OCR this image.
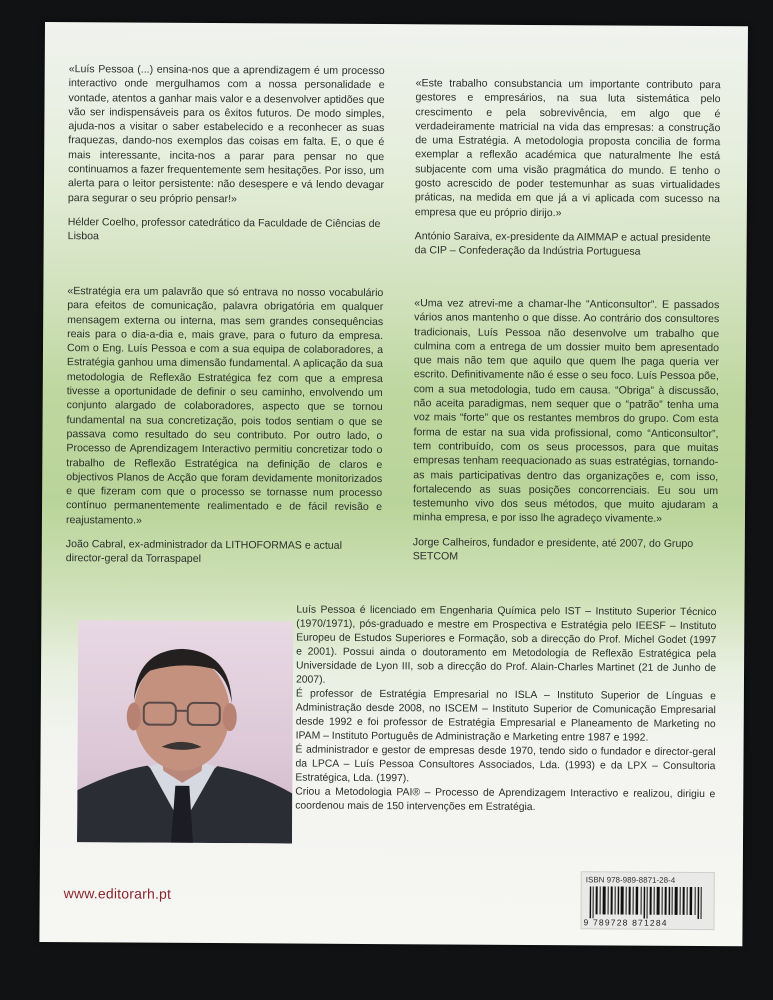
«Luís Pessoa (...) ensina-nos que a aprendizagem é um processo interactivo onde mergulhamos com a nossa personalidade e vontade, atentos a ganhar mais valor e a desenvolver aptidões que vão ser indispensáveis para os êxitos futuros. De modo simples, ajuda-nos a visitar o saber estabelecido e a reconhecer as suas fraquezas, dando-nos exemplos das coisas em falta. E, o que é mais interessante, incita-nos a parar para pensar no que continuamos a fazer frequentemente sem hesitações. Por isso, um alerta para o leitor persistente: não desespere e vá lendo devagar para segurar o seu próprio pensar!»
Hélder Coelho, professor catedrático da Faculdade de Ciências de Lisboa
«Este trabalho consubstancia um importante contributo para gestores e empresários, na sua luta sistemática pelo crescimento e pela sobrevivência, em algo que é verdadeiramente matricial na vida das empresas: a construção de uma Estratégia. A metodologia proposta concilia de forma exemplar a reflexão académica que naturalmente lhe está subjacente com uma visão pragmática do mundo. E tenho o gosto acrescido de poder testemunhar as suas virtualidades práticas, na medida em que já a vi aplicada com sucesso na empresa que eu próprio dirijo.»
António Saraiva, ex-presidente da AIMMAP e actual presidente da CIP – Confederação da Indústria Portuguesa
«Estratégia era um palavrão que só entrava no nosso vocabulário para efeitos de comunicação, palavra obrigatória em qualquer mensagem externa ou interna, mas sem grandes consequências reais para o dia-a-dia e, mais grave, para o futuro da empresa. Com o Eng. Luís Pessoa e com a sua equipa de colaboradores, a Estratégia ganhou uma dimensão fundamental. A aplicação da sua metodologia de Reflexão Estratégica fez com que a empresa tivesse a oportunidade de definir o seu caminho, envolvendo um conjunto alargado de colaboradores, aspecto que se tornou fundamental na sua concretização, pois todos sentiam o que se passava como resultado do seu contributo. Por outro lado, o Processo de Aprendizagem Interactivo permitiu concretizar todo o trabalho de Reflexão Estratégica na definição de claros e objectivos Planos de Acção que foram devidamente monitorizados e que fizeram com que o processo se tornasse num processo contínuo permanentemente realimentado e de fácil revisão e reajustamento.»
João Cabral, ex-administrador da LITHOFORMAS e actual director-geral da Torraspapel
«Uma vez atrevi-me a chamar-lhe “Anticonsultor”. E passados vários anos mantenho o que disse. Ao contrário dos consultores tradicionais, Luís Pessoa não desenvolve um trabalho que culmina com a entrega de um dossier muito bem apresentado que mais não tem que aquilo que quem lhe paga queria ver escrito. Definitivamente não é esse o seu foco. Luís Pessoa põe, com a sua metodologia, tudo em causa. “Obriga” à discussão, não aceita paradigmas, nem sequer que o “patrão” tenha uma voz mais “forte” que os restantes membros do grupo. Com esta forma de estar na sua vida profissional, como “Anticonsultor”, tem contribuído, com os seus processos, para que muitas empresas tenham reequacionado as suas estratégias, tornando-as mais participativas dentro das organizações e, com isso, fortalecendo as suas posições concorrenciais. Eu sou um testemunho vivo dos seus métodos, que muito ajudaram a minha empresa, e por isso lhe agradeço vivamente.»
Jorge Calheiros, fundador e presidente, até 2007, do Grupo SETCOM

Luís Pessoa é licenciado em Engenharia Química pelo IST – Instituto Superior Técnico (1970/1971), pós-graduado e mestre em Prospectiva e Estratégia pelo IEESF – Instituto Europeu de Estudos Superiores e Formação, sob a direcção do Prof. Michel Godet (1997 e 2001). Possui ainda o doutoramento em Metodologia de Reflexão Estratégica pela Universidade de Lyon III, sob a direcção do Prof. Alain-Charles Martinet (21 de Junho de 2007).

É professor de Estratégia Empresarial no ISLA – Instituto Superior de Línguas e Administração desde 2008, no ISCEM – Instituto Superior de Comunicação Empresarial desde 1992 e foi professor de Estratégia Empresarial e Planeamento de Marketing no IPAM – Instituto Português de Administração e Marketing entre 1987 e 1992.

É administrador e gestor de empresas desde 1970, tendo sido o fundador e director-geral da LPCA – Luís Pessoa Consultores Associados, Lda. (1993) e da LPX – Consultoria Estratégica, Lda. (1997).

Criou a Metodologia PAI® – Processo de Aprendizagem Interactivo e realizou, dirigiu e coordenou mais de 150 intervenções em Estratégia.

www.editorarh.pt
ISBN 978-989-8871-28-4
9 789728 871284
